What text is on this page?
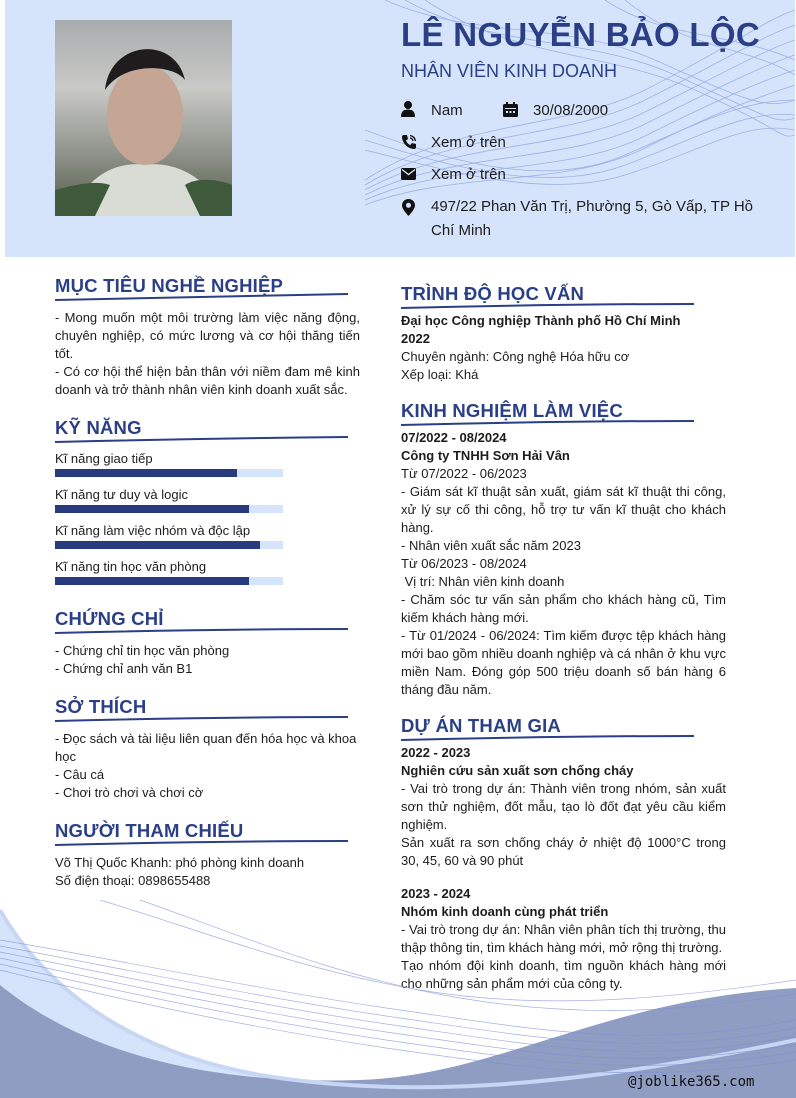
LÊ NGUYỄN BẢO LỘC
NHÂN VIÊN KINH DOANH
Nam	30/08/2000
Xem ở trên
Xem ở trên
497/22 Phan Văn Trị, Phường 5, Gò Vấp, TP Hồ Chí Minh
MỤC TIÊU NGHỀ NGHIỆP

- Mong muốn một môi trường làm việc năng động, chuyên nghiệp, có mức lương và cơ hội thăng tiến tốt.

- Có cơ hội thể hiện bản thân với niềm đam mê kinh doanh và trở thành nhân viên kinh doanh xuất sắc.

KỸ NĂNG
Kĩ năng giao tiếp
Kĩ năng tư duy và logic
Kĩ năng làm việc nhóm và độc lập
Kĩ năng tin học văn phòng
CHỨNG CHỈ

- Chứng chỉ tin học văn phòng

- Chứng chỉ anh văn B1

SỞ THÍCH

- Đọc sách và tài liệu liên quan đến hóa học và khoa học

- Câu cá

- Chơi trò chơi và chơi cờ

NGƯỜI THAM CHIẾU

Võ Thị Quốc Khanh: phó phòng kinh doanh

Số điện thoại: 0898655488

TRÌNH ĐỘ HỌC VẤN

Đại học Công nghiệp Thành phố Hồ Chí Minh

2022

Chuyên ngành: Công nghệ Hóa hữu cơ

Xếp loại: Khá

KINH NGHIỆM LÀM VIỆC

07/2022 - 08/2024

Công ty TNHH Sơn Hải Vân

Từ 07/2022 - 06/2023

- Giám sát kĩ thuật sản xuất, giám sát kĩ thuật thi công, xử lý sự cố thi công, hỗ trợ tư vấn kĩ thuật cho khách hàng.

- Nhân viên xuất sắc năm 2023

Từ 06/2023 - 08/2024

Vị trí: Nhân viên kinh doanh

- Chăm sóc tư vấn sản phẩm cho khách hàng cũ, Tìm kiếm khách hàng mới.

- Từ 01/2024 - 06/2024: Tìm kiếm được tệp khách hàng mới bao gồm nhiều doanh nghiệp và cá nhân ở khu vực miền Nam. Đóng góp 500 triệu doanh số bán hàng 6 tháng đầu năm.

DỰ ÁN THAM GIA

2022 - 2023

Nghiên cứu sản xuất sơn chống cháy

- Vai trò trong dự án: Thành viên trong nhóm, sản xuất sơn thử nghiệm, đốt mẫu, tạo lò đốt đạt yêu cầu kiểm nghiệm.

Sản xuất ra sơn chống cháy ở nhiệt độ 1000°C trong 30, 45, 60 và 90 phút

2023 - 2024

Nhóm kinh doanh cùng phát triển

- Vai trò trong dự án: Nhân viên phân tích thị trường, thu thập thông tin, tìm khách hàng mới, mở rộng thị trường.

Tạo nhóm đội kinh doanh, tìm nguồn khách hàng mới cho những sản phẩm mới của công ty.

@joblike365.com
